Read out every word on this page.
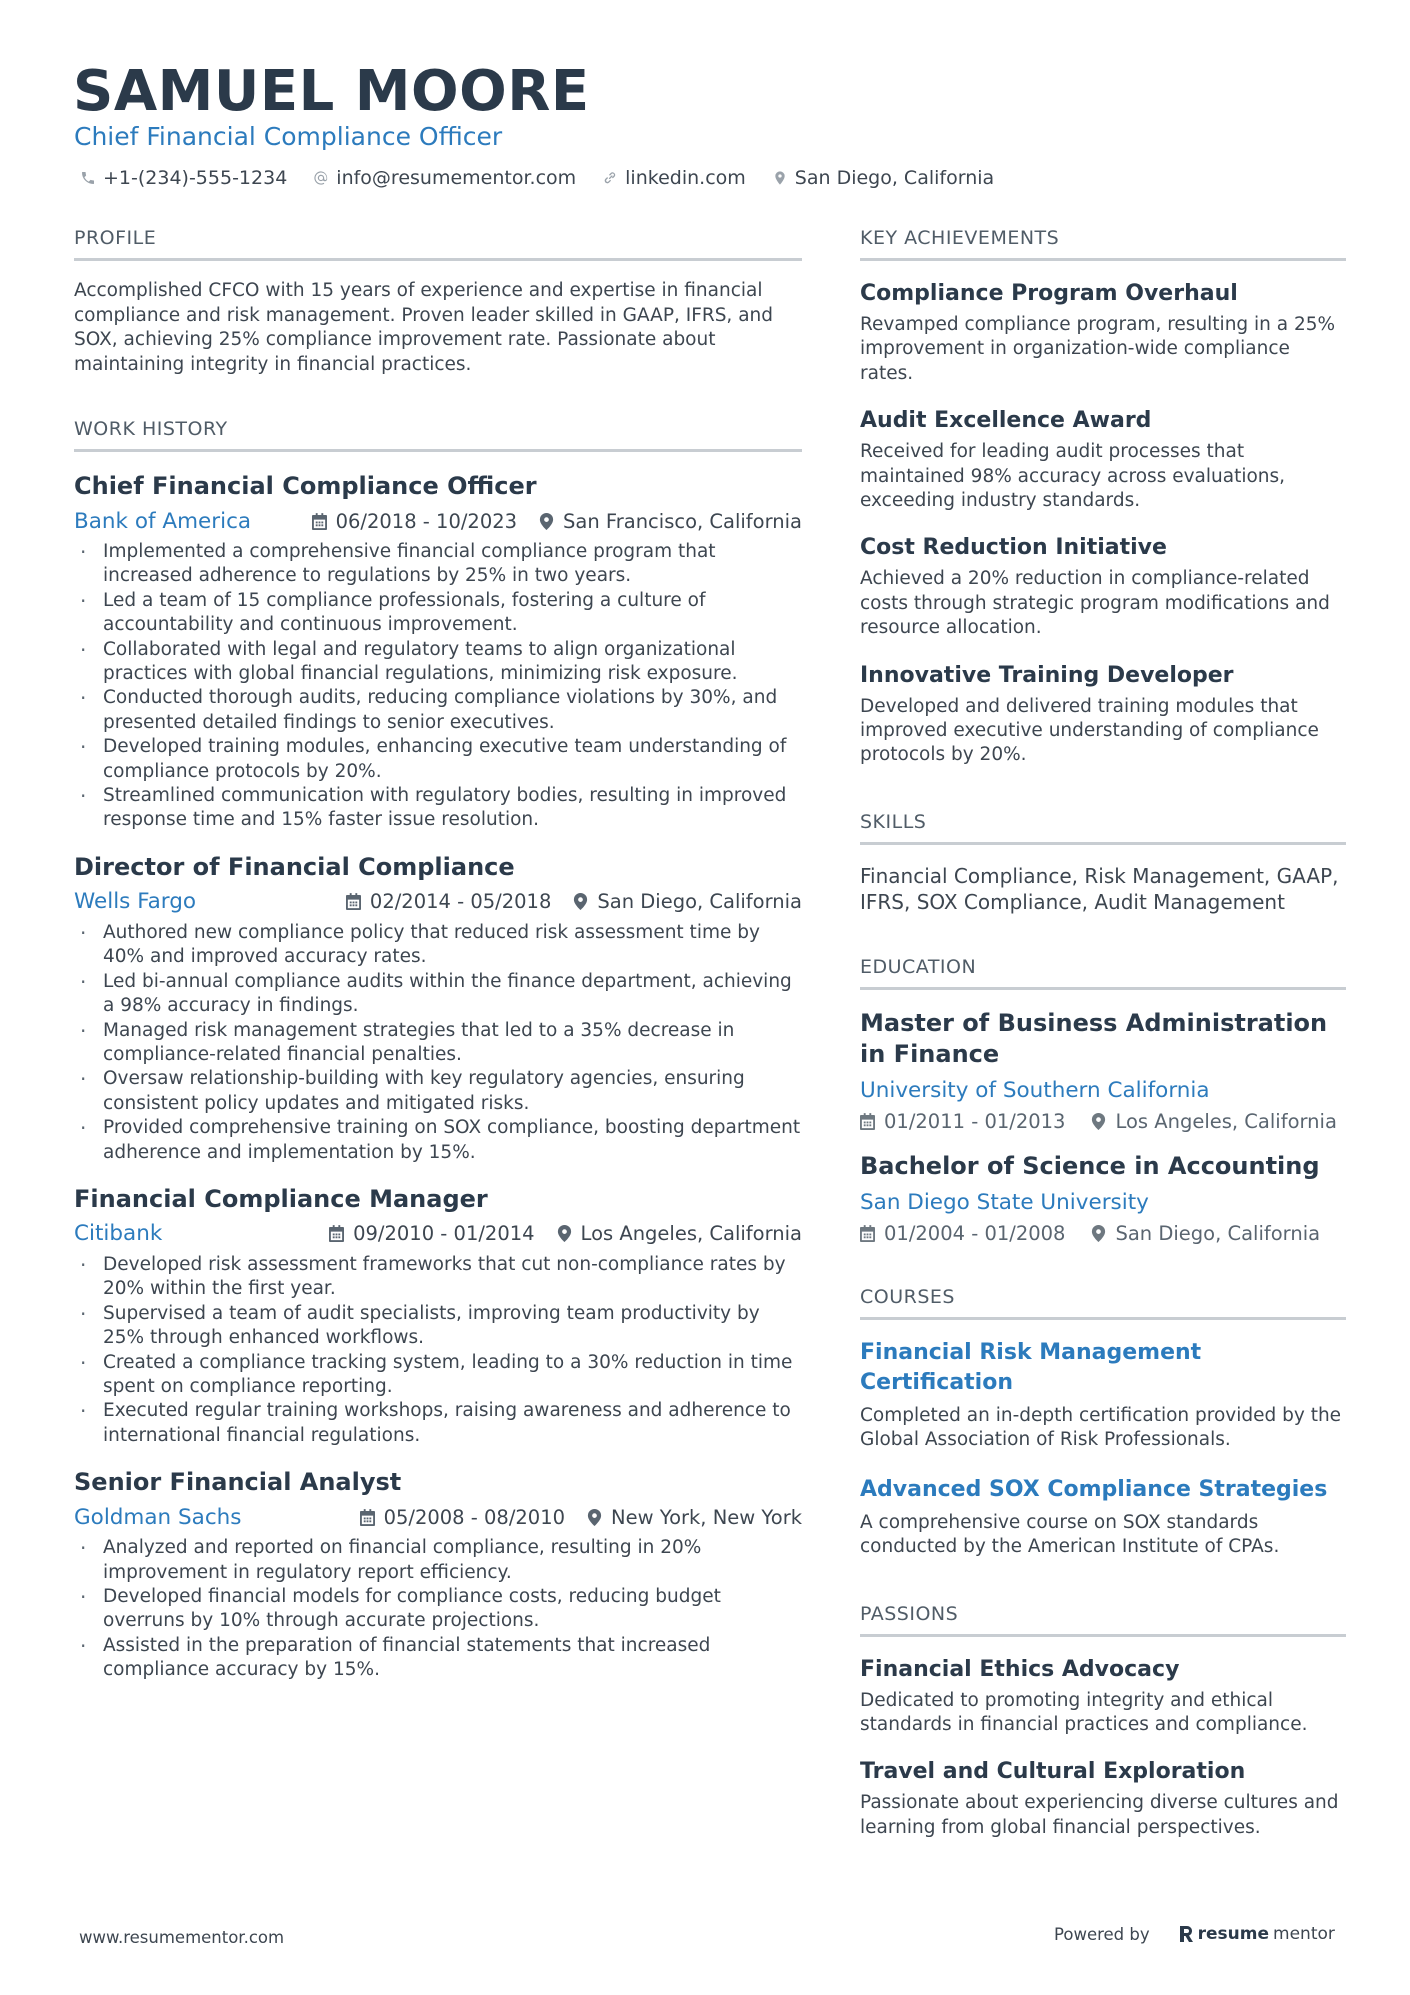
SAMUEL MOORE

Chief Financial Compliance Officer

+1-(234)-555-1234	info@resumementor.com	linkedin.com	San Diego, California
PROFILE

Accomplished CFCO with 15 years of experience and expertise in financial compliance and risk management. Proven leader skilled in GAAP, IFRS, and SOX, achieving 25% compliance improvement rate. Passionate about maintaining integrity in financial practices.

WORK HISTORY
Chief Financial Compliance Officer
Bank of America	06/2018 - 10/2023 San Francisco, California
· Implemented a comprehensive financial compliance program that increased adherence to regulations by 25% in two years.
· Led a team of 15 compliance professionals, fostering a culture of accountability and continuous improvement.
· Collaborated with legal and regulatory teams to align organizational practices with global financial regulations, minimizing risk exposure.
· Conducted thorough audits, reducing compliance violations by 30%, and presented detailed findings to senior executives.
· Developed training modules, enhancing executive team understanding of compliance protocols by 20%.
· Streamlined communication with regulatory bodies, resulting in improved response time and 15% faster issue resolution.
Director of Financial Compliance
Wells Fargo	02/2014 - 05/2018 San Diego, California
· Authored new compliance policy that reduced risk assessment time by 40% and improved accuracy rates.
· Led bi-annual compliance audits within the finance department, achieving a 98% accuracy in findings.
· Managed risk management strategies that led to a 35% decrease in compliance-related financial penalties.
· Oversaw relationship-building with key regulatory agencies, ensuring consistent policy updates and mitigated risks.
· Provided comprehensive training on SOX compliance, boosting department adherence and implementation by 15%.
Financial Compliance Manager
Citibank	09/2010 - 01/2014 Los Angeles, California
· Developed risk assessment frameworks that cut non-compliance rates by 20% within the first year.
· Supervised a team of audit specialists, improving team productivity by 25% through enhanced workflows.
· Created a compliance tracking system, leading to a 30% reduction in time spent on compliance reporting.
· Executed regular training workshops, raising awareness and adherence to international financial regulations.
Senior Financial Analyst
Goldman Sachs	05/2008 - 08/2010 New York, New York
· Analyzed and reported on financial compliance, resulting in 20% improvement in regulatory report efficiency.
· Developed financial models for compliance costs, reducing budget overruns by 10% through accurate projections.
· Assisted in the preparation of financial statements that increased compliance accuracy by 15%.
KEY ACHIEVEMENTS
Compliance Program Overhaul

Revamped compliance program, resulting in a 25% improvement in organization-wide compliance rates.

Audit Excellence Award

Received for leading audit processes that maintained 98% accuracy across evaluations, exceeding industry standards.

Cost Reduction Initiative

Achieved a 20% reduction in compliance-related costs through strategic program modifications and resource allocation.

Innovative Training Developer

Developed and delivered training modules that improved executive understanding of compliance protocols by 20%.

SKILLS

Financial Compliance, Risk Management, GAAP, IFRS, SOX Compliance, Audit Management

EDUCATION
Master of Business Administration in Finance
University of Southern California
01/2011 - 01/2013	Los Angeles, California
Bachelor of Science in Accounting
San Diego State University
01/2004 - 01/2008	San Diego, California
COURSES
Financial Risk Management Certification

Completed an in-depth certification provided by the Global Association of Risk Professionals.

Advanced SOX Compliance Strategies

A comprehensive course on SOX standards conducted by the American Institute of CPAs.

PASSIONS
Financial Ethics Advocacy

Dedicated to promoting integrity and ethical standards in financial practices and compliance.

Travel and Cultural Exploration

Passionate about experiencing diverse cultures and learning from global financial perspectives.

www.resumementor.com	Powered by	resume mentor
